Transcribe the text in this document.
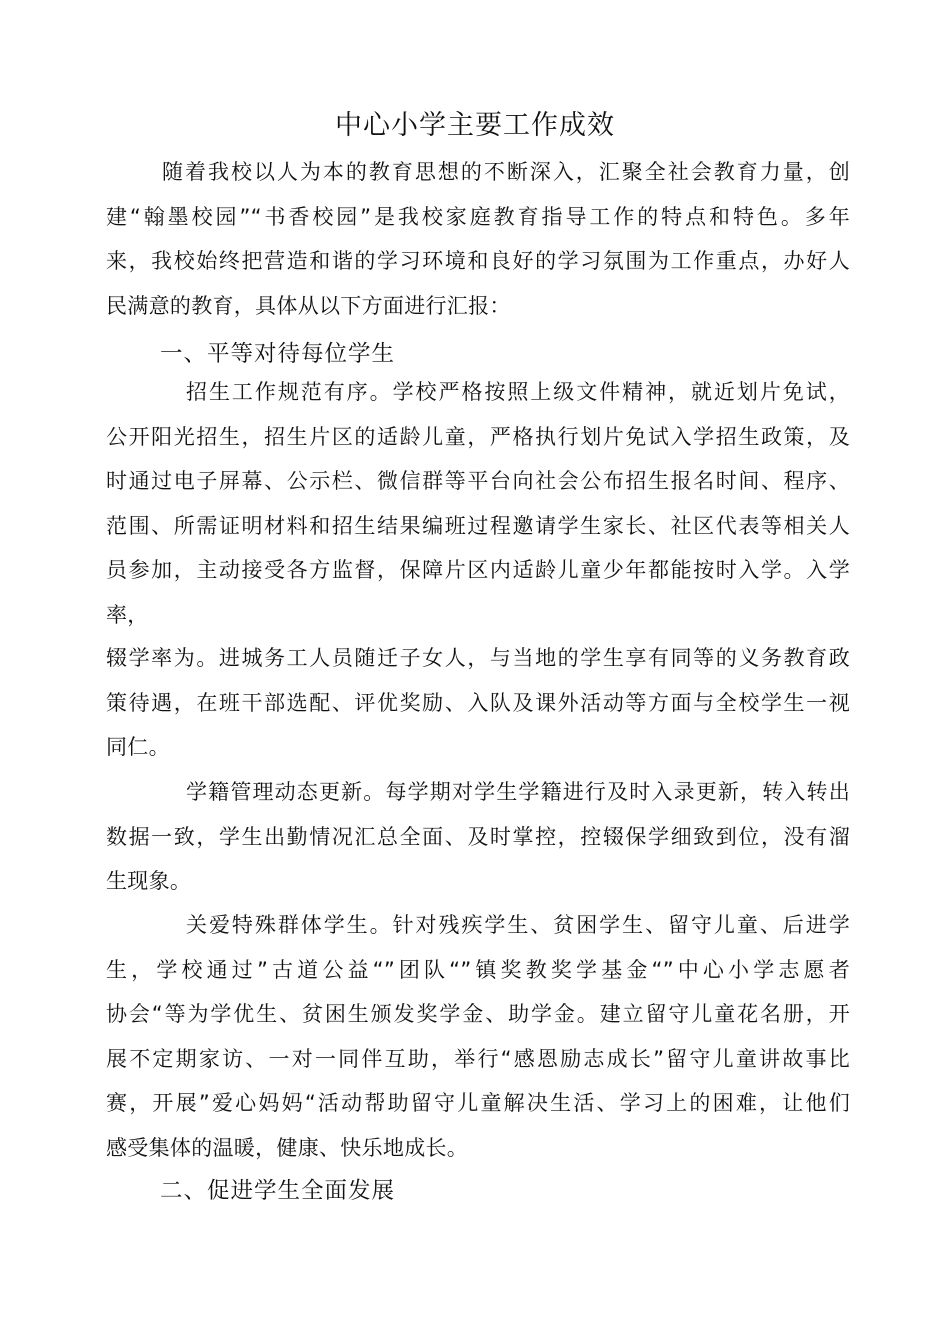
中心小学主要工作成效
随着我校以人为本的教育思想的不断深入，汇聚全社会教育力量，创
建“翰墨校园”“书香校园”是我校家庭教育指导工作的特点和特色。多年
来，我校始终把营造和谐的学习环境和良好的学习氛围为工作重点，办好人
民满意的教育，具体从以下方面进行汇报：
一、平等对待每位学生
招生工作规范有序。学校严格按照上级文件精神，就近划片免试，
公开阳光招生，招生片区的适龄儿童，严格执行划片免试入学招生政策，及
时通过电子屏幕、公示栏、微信群等平台向社会公布招生报名时间、程序、
范围、所需证明材料和招生结果编班过程邀请学生家长、社区代表等相关人
员参加，主动接受各方监督，保障片区内适龄儿童少年都能按时入学。入学
率，
辍学率为。进城务工人员随迁子女人，与当地的学生享有同等的义务教育政
策待遇，在班干部选配、评优奖励、入队及课外活动等方面与全校学生一视
同仁。
学籍管理动态更新。每学期对学生学籍进行及时入录更新，转入转出
数据一致，学生出勤情况汇总全面、及时掌控，控辍保学细致到位，没有溜
生现象。
关爱特殊群体学生。针对残疾学生、贫困学生、留守儿童、后进学
生，学校通过”古道公益“”团队“”镇奖教奖学基金“”中心小学志愿者
协会“等为学优生、贫困生颁发奖学金、助学金。建立留守儿童花名册，开
展不定期家访、一对一同伴互助，举行“感恩励志成长”留守儿童讲故事比
赛，开展”爱心妈妈“活动帮助留守儿童解决生活、学习上的困难，让他们
感受集体的温暖，健康、快乐地成长。
二、促进学生全面发展
